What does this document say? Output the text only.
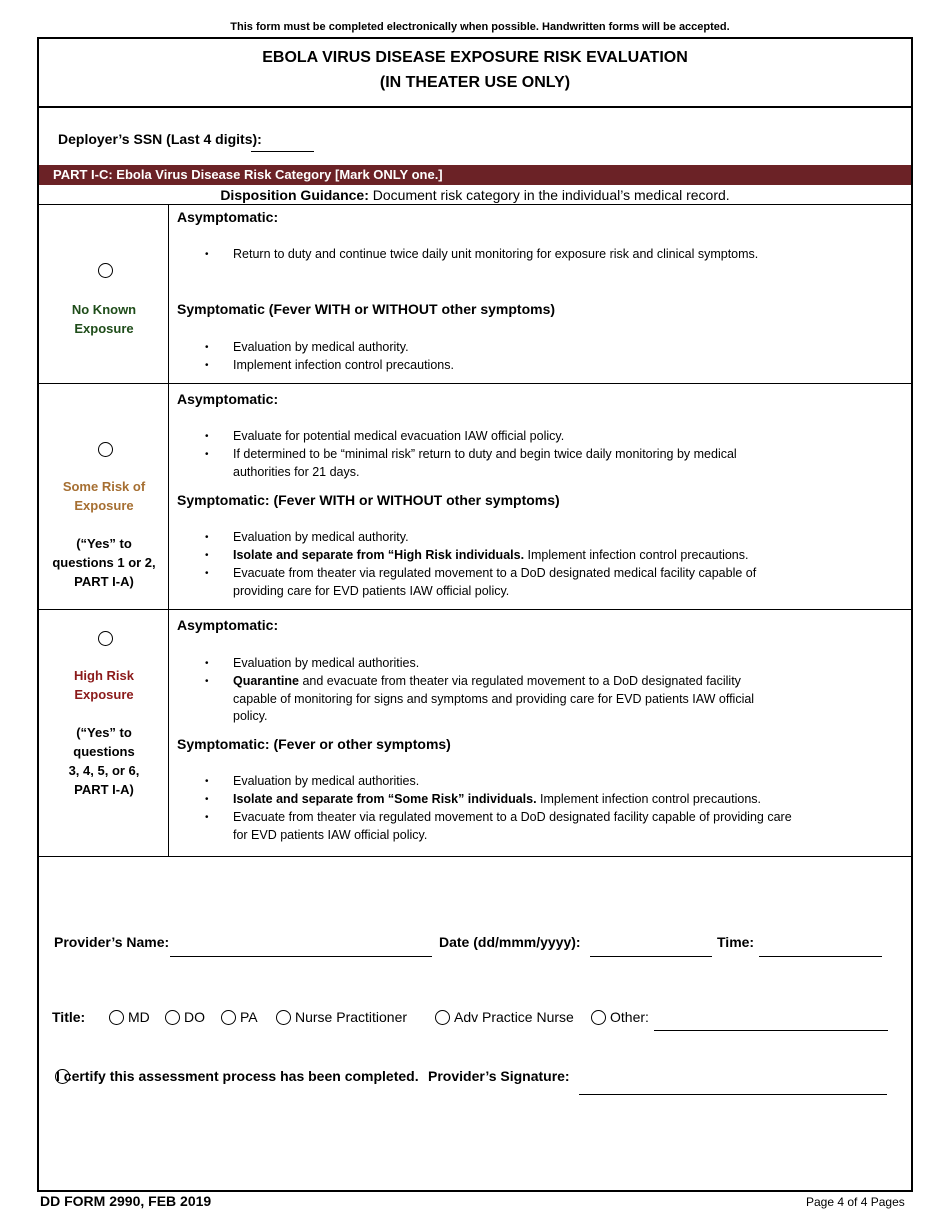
This form must be completed electronically when possible. Handwritten forms will be accepted.
EBOLA VIRUS DISEASE EXPOSURE RISK EVALUATION
(IN THEATER USE ONLY)
Deployer’s SSN (Last 4 digits):
PART I-C: Ebola Virus Disease Risk Category [Mark ONLY one.]
Disposition Guidance: Document risk category in the individual’s medical record.
No Known
Exposure
Asymptomatic:
• Return to duty and continue twice daily unit monitoring for exposure risk and clinical symptoms.
Symptomatic (Fever WITH or WITHOUT other symptoms)
• Evaluation by medical authority.
• Implement infection control precautions.
Some Risk of
Exposure
(“Yes” to
questions 1 or 2,
PART I-A)
Asymptomatic:
• Evaluate for potential medical evacuation IAW official policy.
• If determined to be “minimal risk” return to duty and begin twice daily monitoring by medical authorities for 21 days.
Symptomatic: (Fever WITH or WITHOUT other symptoms)
• Evaluation by medical authority.
• Isolate and separate from “High Risk individuals. Implement infection control precautions.
• Evacuate from theater via regulated movement to a DoD designated medical facility capable of providing care for EVD patients IAW official policy.
High Risk
Exposure
(“Yes” to
questions
3, 4, 5, or 6,
PART I-A)
Asymptomatic:
• Evaluation by medical authorities.
• Quarantine and evacuate from theater via regulated movement to a DoD designated facility capable of monitoring for signs and symptoms and providing care for EVD patients IAW official policy.
Symptomatic: (Fever or other symptoms)
• Evaluation by medical authorities.
• Isolate and separate from “Some Risk” individuals. Implement infection control precautions.
• Evacuate from theater via regulated movement to a DoD designated facility capable of providing care for EVD patients IAW official policy.
Provider’s Name:	Date (dd/mmm/yyyy):	Time:
Title:	MD DO	PA	Nurse Practitioner	Adv Practice Nurse	Other:
I certify this assessment process has been completed. Provider’s Signature:
DD FORM 2990, FEB 2019	Page 4 of 4 Pages
